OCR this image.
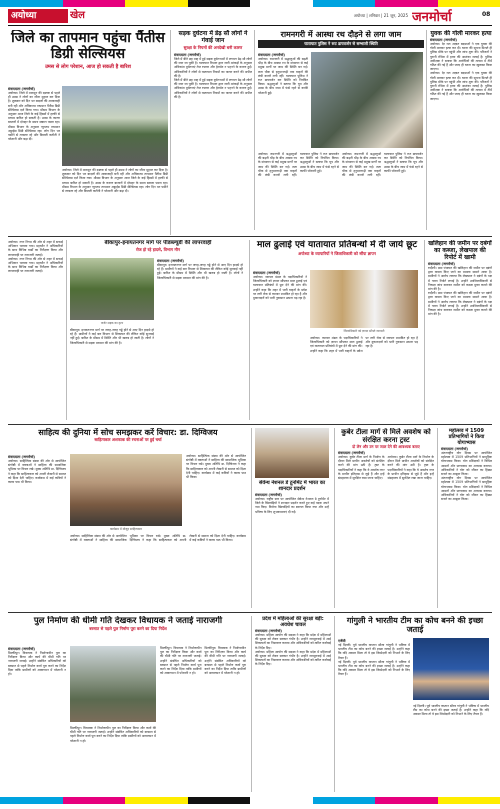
अयोध्या	खेल	अयोध्या | शनिवार | 21 जून, 2025 जनमोर्चा	08
जिले का तापमान पहुंचा पैंतीस डिग्री सेल्सियस
उमस से लोग परेशान, आज हो सकती है बारिश
संवाददाता (जनमोर्चा)
अयोध्या। जिले में मानसून की दस्तक से पहले ही उमस ने लोगों का जीना मुहाल कर दिया है। शुक्रवार को दिन भर बादलों की आवाजाही बनी रही और अधिकतम तापमान पैंतीस डिग्री सेल्सियस दर्ज किया गया। मौसम विभाग के अनुसार आज जिले के कई हिस्सों में हल्की से मध्यम बारिश हो सकती है। उमस के कारण बाजारों में दोपहर के समय सन्नाटा पसरा रहा। मौसम विभाग के अनुसार न्यूनतम तापमान अट्ठाईस डिग्री सेल्सियस रहा। लोग दिन भर पसीने से तरबतर रहे और बिजली कटौती ने परेशानी और बढ़ा दी।
अयोध्या। जिले में मानसून की दस्तक से पहले ही उमस ने लोगों का जीना मुहाल कर दिया है। शुक्रवार को दिन भर बादलों की आवाजाही बनी रही और अधिकतम तापमान पैंतीस डिग्री सेल्सियस दर्ज किया गया। मौसम विभाग के अनुसार आज जिले के कई हिस्सों में हल्की से मध्यम बारिश हो सकती है। उमस के कारण बाजारों में दोपहर के समय सन्नाटा पसरा रहा। मौसम विभाग के अनुसार न्यूनतम तापमान अट्ठाईस डिग्री सेल्सियस रहा। लोग दिन भर पसीने से तरबतर रहे और बिजली कटौती ने परेशानी और बढ़ा दी।
सड़क दुर्घटना में डेढ़ सौ लोगों ने गंवाई जान
सुरक्षा के नियमों की अनदेखी बनी कारण
संवाददाता (जनमोर्चा)
जिले में बीते छह माह में हुई सड़क दुर्घटनाओं में लगभग डेढ़ सौ लोगों की जान जा चुकी है। यातायात विभाग द्वारा जारी आंकड़ों के अनुसार अधिकांश दुर्घटनाएं तेज रफ्तार और हेलमेट न पहनने के कारण हुईं। अधिकारियों ने लोगों से यातायात नियमों का पालन करने की अपील की है।
जिले में बीते छह माह में हुई सड़क दुर्घटनाओं में लगभग डेढ़ सौ लोगों की जान जा चुकी है। यातायात विभाग द्वारा जारी आंकड़ों के अनुसार अधिकांश दुर्घटनाएं तेज रफ्तार और हेलमेट न पहनने के कारण हुईं। अधिकारियों ने लोगों से यातायात नियमों का पालन करने की अपील की है।
रामनगरी में आस्था रथ दौड़ने से लगा जाम
यातायात पुलिस ने रूट डायवर्जन से सम्भाली स्थिति
संवाददाता (जनमोर्चा)
अयोध्या। रामनगरी में श्रद्धालुओं की बढ़ती भीड़ के बीच आस्था रथ के संचालन से कई प्रमुख मार्गों पर जाम की स्थिति बन गई। लता चौक से हनुमानगढ़ी तक वाहनों की लंबी कतारें लगी रहीं। यातायात पुलिस ने रूट डायवर्जन कर स्थिति को नियंत्रित किया। श्रद्धालुओं ने बताया कि धूप और उमस के बीच जाम में फंसे रहने से काफी परेशानी हुई।
अयोध्या। रामनगरी में श्रद्धालुओं की बढ़ती भीड़ के बीच आस्था रथ के संचालन से कई प्रमुख मार्गों पर जाम की स्थिति बन गई। लता चौक से हनुमानगढ़ी तक वाहनों की लंबी कतारें लगी रहीं। यातायात पुलिस ने रूट डायवर्जन कर स्थिति को नियंत्रित किया। श्रद्धालुओं ने बताया कि धूप और उमस के बीच जाम में फंसे रहने से काफी परेशानी हुई।
अयोध्या। रामनगरी में श्रद्धालुओं की बढ़ती भीड़ के बीच आस्था रथ के संचालन से कई प्रमुख मार्गों पर जाम की स्थिति बन गई। लता चौक से हनुमानगढ़ी तक वाहनों की लंबी कतारें लगी रहीं। यातायात पुलिस ने रूट डायवर्जन कर स्थिति को नियंत्रित किया। श्रद्धालुओं ने बताया कि धूप और उमस के बीच जाम में फंसे रहने से काफी परेशानी हुई।
युवक की गोली मारकर हत्या
संवाददाता (जनमोर्चा)
अयोध्या। देर रात अज्ञात बदमाशों ने एक युवक की गोली मारकर हत्या कर दी। घटना की सूचना मिलते ही पुलिस मौके पर पहुंची और जांच शुरू की। परिजनों ने पुरानी रंजिश में हत्या की आशंका जताई है। पुलिस अधीक्षक ने बताया कि आरोपियों की तलाश में टीमें गठित की गई हैं और जल्द ही घटना का खुलासा किया जाएगा।
अयोध्या। देर रात अज्ञात बदमाशों ने एक युवक की गोली मारकर हत्या कर दी। घटना की सूचना मिलते ही पुलिस मौके पर पहुंची और जांच शुरू की। परिजनों ने पुरानी रंजिश में हत्या की आशंका जताई है। पुलिस अधीक्षक ने बताया कि आरोपियों की तलाश में टीमें गठित की गई हैं और जल्द ही घटना का खुलासा किया जाएगा।
अयोध्या। नगर निगम की ओर से शहर में सफाई अभियान चलाया गया। महापौर ने अधिकारियों के साथ विभिन्न वार्डों का निरीक्षण किया और लापरवाही पर नाराजगी जताई।
अयोध्या। नगर निगम की ओर से शहर में सफाई अभियान चलाया गया। महापौर ने अधिकारियों के साथ विभिन्न वार्डों का निरीक्षण किया और लापरवाही पर नाराजगी जताई।
बीकापुर-इनायतनगर मार्ग पर पीडब्ल्यूडी की लापरवाही
रोज हो रहे हादसे, विभाग मौन
जर्जर सड़क का दृश्य
संवाददाता (जनमोर्चा)
बीकापुर। इनायतनगर मार्ग पर जगह-जगह गड्ढे होने से आए दिन हादसे हो रहे हैं। ग्रामीणों ने कई बार विभाग से शिकायत की लेकिन कोई सुनवाई नहीं हुई। बारिश के मौसम में स्थिति और भी खराब हो जाती है। लोगों ने जिलाधिकारी से सड़क मरम्मत की मांग की है।
बीकापुर। इनायतनगर मार्ग पर जगह-जगह गड्ढे होने से आए दिन हादसे हो रहे हैं। ग्रामीणों ने कई बार विभाग से शिकायत की लेकिन कोई सुनवाई नहीं हुई। बारिश के मौसम में स्थिति और भी खराब हो जाती है। लोगों ने जिलाधिकारी से सड़क मरम्मत की मांग की है।
माल ढुलाई एवं यातायात प्रतिबन्धों में दी जाये छूट
अयोध्या के व्यापारियों ने जिलाधिकारी को सौंपा ज्ञापन
संवाददाता (जनमोर्चा)
अयोध्या। व्यापार मंडल के पदाधिकारियों ने जिलाधिकारी को ज्ञापन सौंपकर माल ढुलाई एवं यातायात प्रतिबंधों में छूट देने की मांग की। उन्होंने कहा कि शहर में भारी वाहनों के प्रवेश पर लगी रोक से व्यापार प्रभावित हो रहा है और दुकानदारों को भारी नुकसान उठाना पड़ रहा है।
जिलाधिकारी को ज्ञापन सौंपते व्यापारी
अयोध्या। व्यापार मंडल के पदाधिकारियों ने जिलाधिकारी को ज्ञापन सौंपकर माल ढुलाई एवं यातायात प्रतिबंधों में छूट देने की मांग की। उन्होंने कहा कि शहर में भारी वाहनों के प्रवेश पर लगी रोक से व्यापार प्रभावित हो रहा है और दुकानदारों को भारी नुकसान उठाना पड़ रहा है।
खलिहान की जमीन पर दबंगों का कब्जा, लेखपाल की रिपोर्ट में खामी
संवाददाता (जनमोर्चा)
रुदौली। ग्राम पंचायत की खलिहान की जमीन पर दबंगों द्वारा कब्जा किए जाने का मामला सामने आया है। ग्रामीणों ने आरोप लगाया कि लेखपाल ने दबंगों के पक्ष में गलत रिपोर्ट लगाई है। उन्होंने उपजिलाधिकारी से निष्पक्ष जांच कराकर जमीन को कब्जा मुक्त कराने की मांग की है।
रुदौली। ग्राम पंचायत की खलिहान की जमीन पर दबंगों द्वारा कब्जा किए जाने का मामला सामने आया है। ग्रामीणों ने आरोप लगाया कि लेखपाल ने दबंगों के पक्ष में गलत रिपोर्ट लगाई है। उन्होंने उपजिलाधिकारी से निष्पक्ष जांच कराकर जमीन को कब्जा मुक्त कराने की मांग की है।
साहित्य की दुनिया में सोच समझकर करें विचार: डा. दिग्विजय
साहित्यकार अशफाक की रचनाओं पर हुई चर्चा
संवाददाता (जनमोर्चा)
अयोध्या। साहित्यिक संस्था की ओर से आयोजित संगोष्ठी में वक्ताओं ने साहित्य की सामाजिक भूमिका पर विचार रखे। मुख्य अतिथि डा. दिग्विजय ने कहा कि साहित्यकार को अपनी लेखनी से समाज को दिशा देनी चाहिए। कार्यक्रम में कई कवियों ने काव्य पाठ भी किया।
कार्यक्रम में मौजूद साहित्यकार
अयोध्या। साहित्यिक संस्था की ओर से आयोजित संगोष्ठी में वक्ताओं ने साहित्य की सामाजिक भूमिका पर विचार रखे। मुख्य अतिथि डा. दिग्विजय ने कहा कि साहित्यकार को अपनी लेखनी से समाज को दिशा देनी चाहिए। कार्यक्रम में कई कवियों ने काव्य पाठ भी किया।
अयोध्या। साहित्यिक संस्था की ओर से आयोजित संगोष्ठी में वक्ताओं ने साहित्य की सामाजिक भूमिका पर विचार रखे। मुख्य अतिथि डा. दिग्विजय ने कहा कि साहित्यकार को अपनी लेखनी से समाज को दिशा देनी चाहिए। कार्यक्रम में कई कवियों ने काव्य पाठ भी किया।
सेवेन्थ नेशनल डे टूर्नामेंट में भारत का शानदार प्रदर्शन
संवाददाता (जनमोर्चा)
अयोध्या। राष्ट्रीय स्तर पर आयोजित सेवेन्थ नेशनल डे टूर्नामेंट में जिले के खिलाड़ियों ने शानदार प्रदर्शन करते हुए कई पदक अपने नाम किए। विजेता खिलाड़ियों का स्वागत किया गया और उन्हें भविष्य के लिए शुभकामनाएं दी गईं।
कुबेर टीला मार्ग से मिले अवशेष को संरक्षित करना ट्रस्ट
दो लेन और उन पर जाल देने की आवश्यक बताए
संवाददाता (जनमोर्चा)
अयोध्या। कुबेर टीला मार्ग के निर्माण के दौरान मिले प्राचीन अवशेषों को संरक्षित करने की मांग उठी है। ट्रस्ट के पदाधिकारियों ने कहा कि ये अवशेष नगर के प्राचीन इतिहास से जुड़े हैं और इन्हें संग्रहालय में सुरक्षित रखा जाना चाहिए।
अयोध्या। कुबेर टीला मार्ग के निर्माण के दौरान मिले प्राचीन अवशेषों को संरक्षित करने की मांग उठी है। ट्रस्ट के पदाधिकारियों ने कहा कि ये अवशेष नगर के प्राचीन इतिहास से जुड़े हैं और इन्हें संग्रहालय में सुरक्षित रखा जाना चाहिए।
महोत्सव में 1509 प्रतिभागियों ने किया योगाभ्यास
संवाददाता (जनमोर्चा)
अंतरराष्ट्रीय योग दिवस पर आयोजित महोत्सव में 1509 प्रतिभागियों ने सामूहिक योगाभ्यास किया। योग प्रशिक्षकों ने विभिन्न आसनों और प्राणायाम का अभ्यास कराया। अधिकारियों ने योग को जीवन का हिस्सा बनाने का आह्वान किया।
अंतरराष्ट्रीय योग दिवस पर आयोजित महोत्सव में 1509 प्रतिभागियों ने सामूहिक योगाभ्यास किया। योग प्रशिक्षकों ने विभिन्न आसनों और प्राणायाम का अभ्यास कराया। अधिकारियों ने योग को जीवन का हिस्सा बनाने का आह्वान किया।
पुल निर्माण की धीमी गति देखकर विधायक ने जताई नाराजगी
बरसात से पहले पुल निर्माण पूरा करने का दिया निर्देश
संवाददाता (जनमोर्चा)
मिल्कीपुर। विधायक ने निर्माणाधीन पुल का निरीक्षण किया और कार्य की धीमी गति पर नाराजगी जताई। उन्होंने संबंधित अधिकारियों को बरसात से पहले निर्माण कार्य पूरा करने का निर्देश दिया ताकि ग्रामीणों को आवागमन में परेशानी न हो।
मिल्कीपुर। विधायक ने निर्माणाधीन पुल का निरीक्षण किया और कार्य की धीमी गति पर नाराजगी जताई। उन्होंने संबंधित अधिकारियों को बरसात से पहले निर्माण कार्य पूरा करने का निर्देश दिया ताकि ग्रामीणों को आवागमन में परेशानी न हो।
मिल्कीपुर। विधायक ने निर्माणाधीन पुल का निरीक्षण किया और कार्य की धीमी गति पर नाराजगी जताई। उन्होंने संबंधित अधिकारियों को बरसात से पहले निर्माण कार्य पूरा करने का निर्देश दिया ताकि ग्रामीणों को आवागमन में परेशानी न हो।
मिल्कीपुर। विधायक ने निर्माणाधीन पुल का निरीक्षण किया और कार्य की धीमी गति पर नाराजगी जताई। उन्होंने संबंधित अधिकारियों को बरसात से पहले निर्माण कार्य पूरा करने का निर्देश दिया ताकि ग्रामीणों को आवागमन में परेशानी न हो।
प्रदेश में महिलाओं की सुरक्षा बड़ी: अवधेश चावल
संवाददाता (जनमोर्चा)
अयोध्या। महिला आयोग की सदस्य ने कहा कि प्रदेश में महिलाओं की सुरक्षा को लेकर सरकार गंभीर है। उन्होंने जनसुनवाई में आई शिकायतों का निस्तारण कराया और अधिकारियों को त्वरित कार्रवाई के निर्देश दिए।
अयोध्या। महिला आयोग की सदस्य ने कहा कि प्रदेश में महिलाओं की सुरक्षा को लेकर सरकार गंभीर है। उन्होंने जनसुनवाई में आई शिकायतों का निस्तारण कराया और अधिकारियों को त्वरित कार्रवाई के निर्देश दिए।
गांगुली ने भारतीय टीम का कोच बनने की इच्छा जताई
एजेंसी
नई दिल्ली। पूर्व भारतीय कप्तान सौरव गांगुली ने भविष्य में भारतीय टीम का कोच बनने की इच्छा जताई है। उन्होंने कहा कि यदि अवसर मिला तो वे इस जिम्मेदारी को निभाने के लिए तैयार हैं।
नई दिल्ली। पूर्व भारतीय कप्तान सौरव गांगुली ने भविष्य में भारतीय टीम का कोच बनने की इच्छा जताई है। उन्होंने कहा कि यदि अवसर मिला तो वे इस जिम्मेदारी को निभाने के लिए तैयार हैं।
नई दिल्ली। पूर्व भारतीय कप्तान सौरव गांगुली ने भविष्य में भारतीय टीम का कोच बनने की इच्छा जताई है। उन्होंने कहा कि यदि अवसर मिला तो वे इस जिम्मेदारी को निभाने के लिए तैयार हैं।
